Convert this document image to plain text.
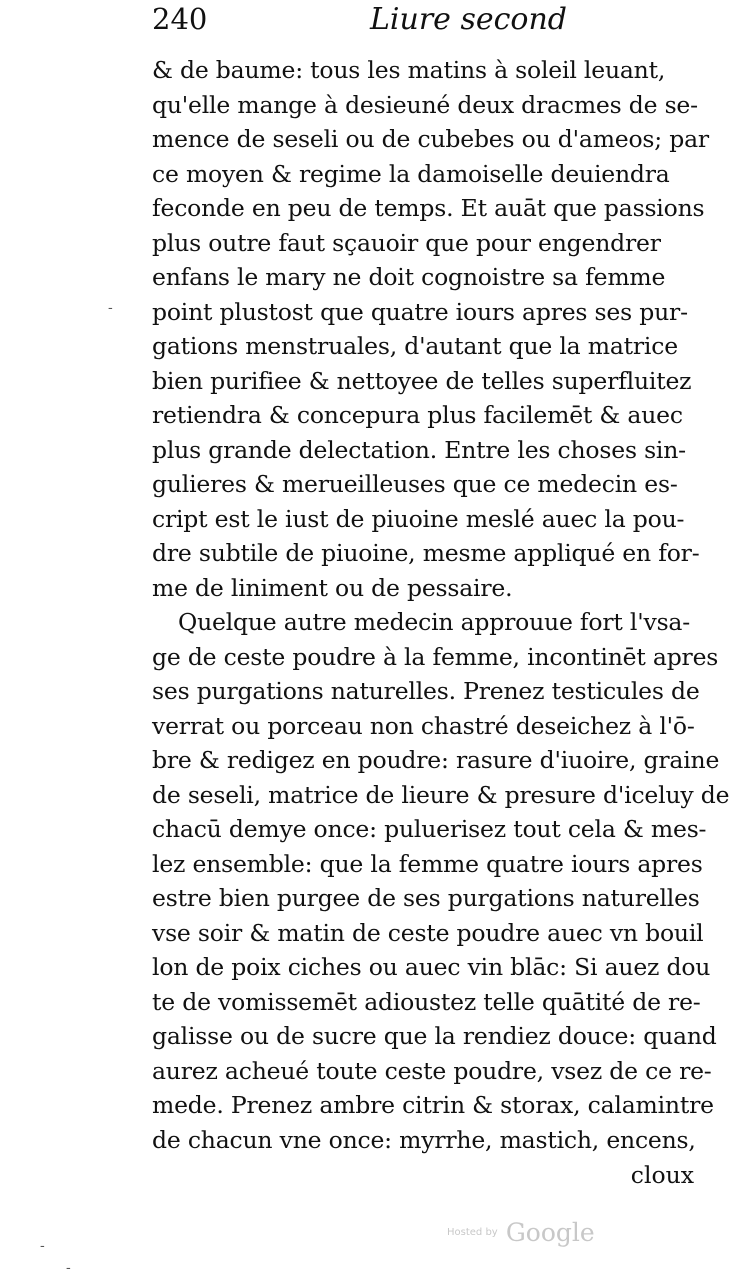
240	Liure second
& de baume: tous les matins à soleil leuant,
qu'elle mange à desieuné deux dracmes de se-
mence de seseli ou de cubebes ou d'ameos; par
ce moyen & regime la damoiselle deuiendra
feconde en peu de temps. Et auāt que passions
plus outre faut sçauoir que pour engendrer
enfans le mary ne doit cognoistre sa femme
point plustost que quatre iours apres ses pur-
gations menstruales, d'autant que la matrice
bien purifiee & nettoyee de telles superfluitez
retiendra & concepura plus facilemēt & auec
plus grande delectation. Entre les choses sin-
gulieres & merueilleuses que ce medecin es-
cript est le iust de piuoine meslé auec la pou-
dre subtile de piuoine, mesme appliqué en for-
me de liniment ou de pessaire.
Quelque autre medecin approuue fort l'vsa-
ge de ceste poudre à la femme, incontinēt apres
ses purgations naturelles. Prenez testicules de
verrat ou porceau non chastré deseichez à l'ō-
bre & redigez en poudre: rasure d'iuoire, graine
de seseli, matrice de lieure & presure d'iceluy de
chacū demye once: puluerisez tout cela & mes-
lez ensemble: que la femme quatre iours apres
estre bien purgee de ses purgations naturelles
vse soir & matin de ceste poudre auec vn bouil
lon de poix ciches ou auec vin blāc: Si auez dou
te de vomissemēt adioustez telle quātité de re-
galisse ou de sucre que la rendiez douce: quand
aurez acheué toute ceste poudre, vsez de ce re-
mede. Prenez ambre citrin & storax, calamintre
de chacun vne once: myrrhe, mastich, encens,
cloux
-
-
-
Hosted by Google
